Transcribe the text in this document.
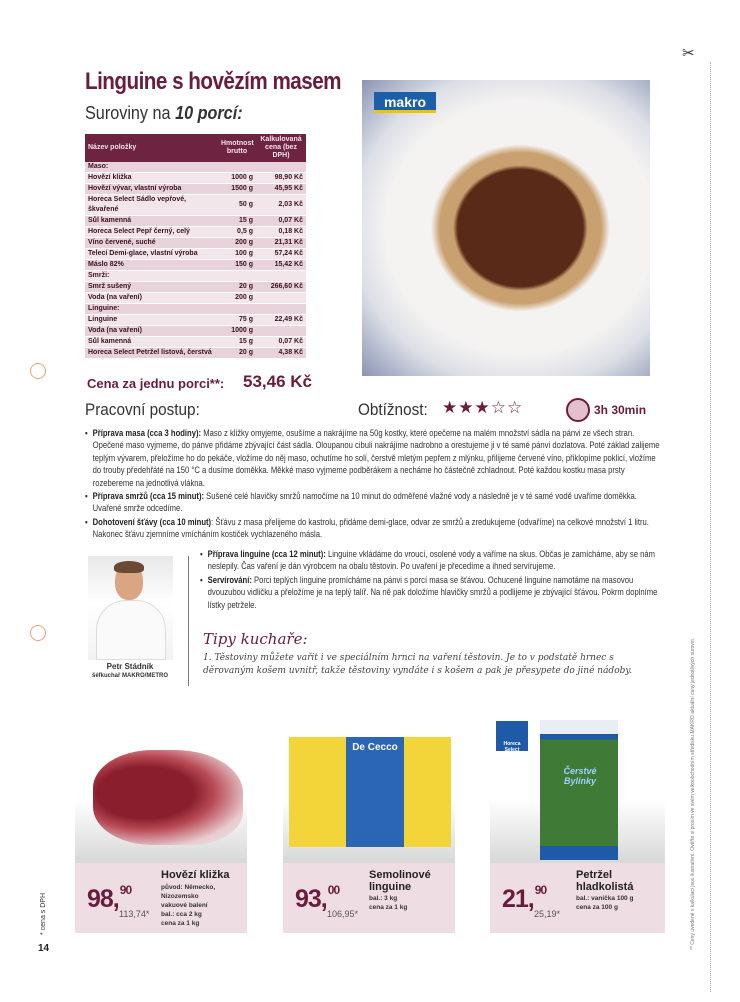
Linguine s hovězím masem
Suroviny na 10 porcí:
Název položky	Hmotnost brutto	Kalkulovaná cena (bez DPH)
Maso:		
Hovězí kližka	1000 g	98,90 Kč
Hovězí vývar, vlastní výroba	1500 g	45,95 Kč
Horeca Select Sádlo vepřové, škvařené	50 g	2,03 Kč
Sůl kamenná	15 g	0,07 Kč
Horeca Select Pepř černý, celý	0,5 g	0,18 Kč
Víno červené, suché	200 g	21,31 Kč
Telecí Demi-glace, vlastní výroba	100 g	57,24 Kč
Máslo 82%	150 g	15,42 Kč
Smrži:		
Smrž sušený	20 g	266,60 Kč
Voda (na vaření)	200 g	
Linguine:		
Linguine	75 g	22,49 Kč
Voda (na vaření)	1000 g	
Sůl kamenná	15 g	0,07 Kč
Horeca Select Petržel listová, čerstvá	20 g	4,38 Kč
Cena za jednu porci**: 53,46 Kč
makro
Pracovní postup:	Obtížnost: ★★★☆☆	3h 30min

• Příprava masa (cca 3 hodiny): Maso z kližky omyjeme, osušíme a nakrájíme na 50g kostky, které opečeme na malém množství sádla na pánvi ze všech stran. Opečené maso vyjmeme, do pánve přidáme zbývající část sádla. Oloupanou cibuli nakrájíme nadrobno a orestujeme ji v té samé pánvi dozlatova. Poté základ zalijeme teplým vývarem, přeložíme ho do pekáče, vložíme do něj maso, ochutíme ho solí, čerstvě mletým pepřem z mlýnku, přilijeme červené víno, přiklopíme poklicí, vložíme do trouby předehřáté na 150 °C a dusíme doměkka. Měkké maso vyjmeme podběrákem a necháme ho částečně zchladnout. Poté každou kostku masa prsty rozebereme na jednotlivá vlákna.

• Příprava smržů (cca 15 minut): Sušené celé hlavičky smržů namočíme na 10 minut do odměřené vlažné vody a následně je v té samé vodě uvaříme doměkka. Uvařené smrže odcedíme.

• Dohotovení šťávy (cca 10 minut): Šťávu z masa přelijeme do kastrolu, přidáme demi-glace, odvar ze smržů a zredukujeme (odvaříme) na celkové množství 1 litru. Nakonec šťávu zjemníme vmícháním kostiček vychlazeného másla.

• Příprava linguine (cca 12 minut): Linguine vkládáme do vroucí, osolené vody a vaříme na skus. Občas je zamícháme, aby se nám neslepily. Čas vaření je dán výrobcem na obalu těstovin. Po uvaření je přecedíme a ihned servírujeme.

• Servírování: Porci teplých linguine promícháme na pánvi s porcí masa se šťávou. Ochucené linguine namotáme na masovou dvouzubou vidličku a přeložíme je na teplý talíř. Na ně pak doložíme hlavičky smržů a podlijeme je zbývající šťávou. Pokrm doplníme lístky petržele.

Petr Stádník
šéfkuchař MAKRO/METRO
Tipy kuchaře:
1. Těstoviny můžete vařit i ve speciálním hrnci na vaření těstovin. Je to v podstatě hrnec s děrovaným košem uvnitř, takže těstoviny vyndáte i s košem a pak je přesypete do jiné nádoby.
✂
** Ceny uvedené v kalkulaci jsou ilustrativní. Ověřte si prosím ve svém velkoobchodním středisku MAKRO aktuální ceny jednotlivých surovin.
98,90
113,74*
Hovězí kližka
původ: Německo,
Nizozemsko
vakuové balení
bal.: cca 2 kg
cena za 1 kg
De Cecco
93,00
106,95*
Semolinové linguine
bal.: 3 kg
cena za 1 kg
Horeca Select
Čerstvé Bylinky
21,90
25,19*
Petržel hladkolistá
bal.: vanička 100 g
cena za 100 g
* cena s DPH
14
